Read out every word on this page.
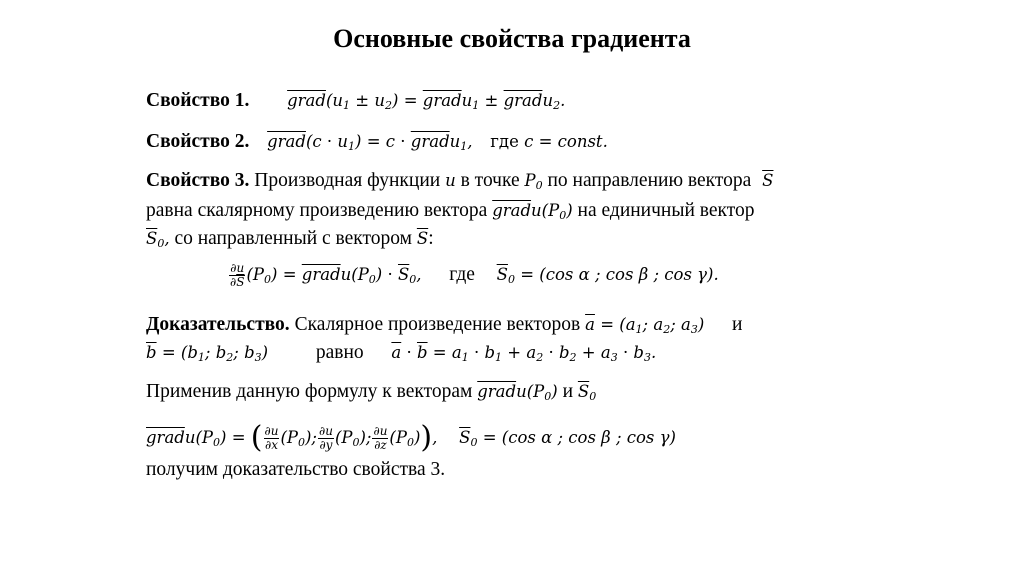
Основные свойства градиента
Свойство 1. $grad(u_1 \pm u_2)$ = gradu$_1$ ± gradu$_2$.
Свойство 2. grad(c · $u_1) = c$ · gradu$_1$, где c = const.
Свойство 3. Производная функции u в точке $P_0$ по направлению вектора $\overline{S}$
равна скалярному произведению вектора $gradu(P_0)$ на единичный вектор
$\overline{S}_0$, со направленный с вектором $\overline{S}$:
$\frac{\partial u}{\partial\overline{S}} (P_0)$ = $gradu(P_0) \cdot \overline{S}_0$, где $\overline{S}_0 = (\cos$ α ; cos β ; cos γ).
Доказательство. Скалярное произведение векторов $\overline{a} = (a_1$; $a_2$; $a_3$) и
$\overline{b} = (b_1$; $b_2$; $b_3$) равно $\overline{a} \cdot \overline{b} = a_1 \cdot b_1 + a_2 \cdot b_2 + a_3 \cdot b_3$.
Применив данную формулу к векторам $gradu(P_0)$ и $\overline{S}_0$
$gradu(P_0)$ = ( $\frac{\partial u}{\partial x} (P_0)$; $\frac{\partial u}{\partial y} (P_0)$; $\frac{\partial u}{\partial z} (P_0)$), $\overline{S}_0 = (\cos$ α ; cos β ; cos γ)
получим доказательство свойства 3.
